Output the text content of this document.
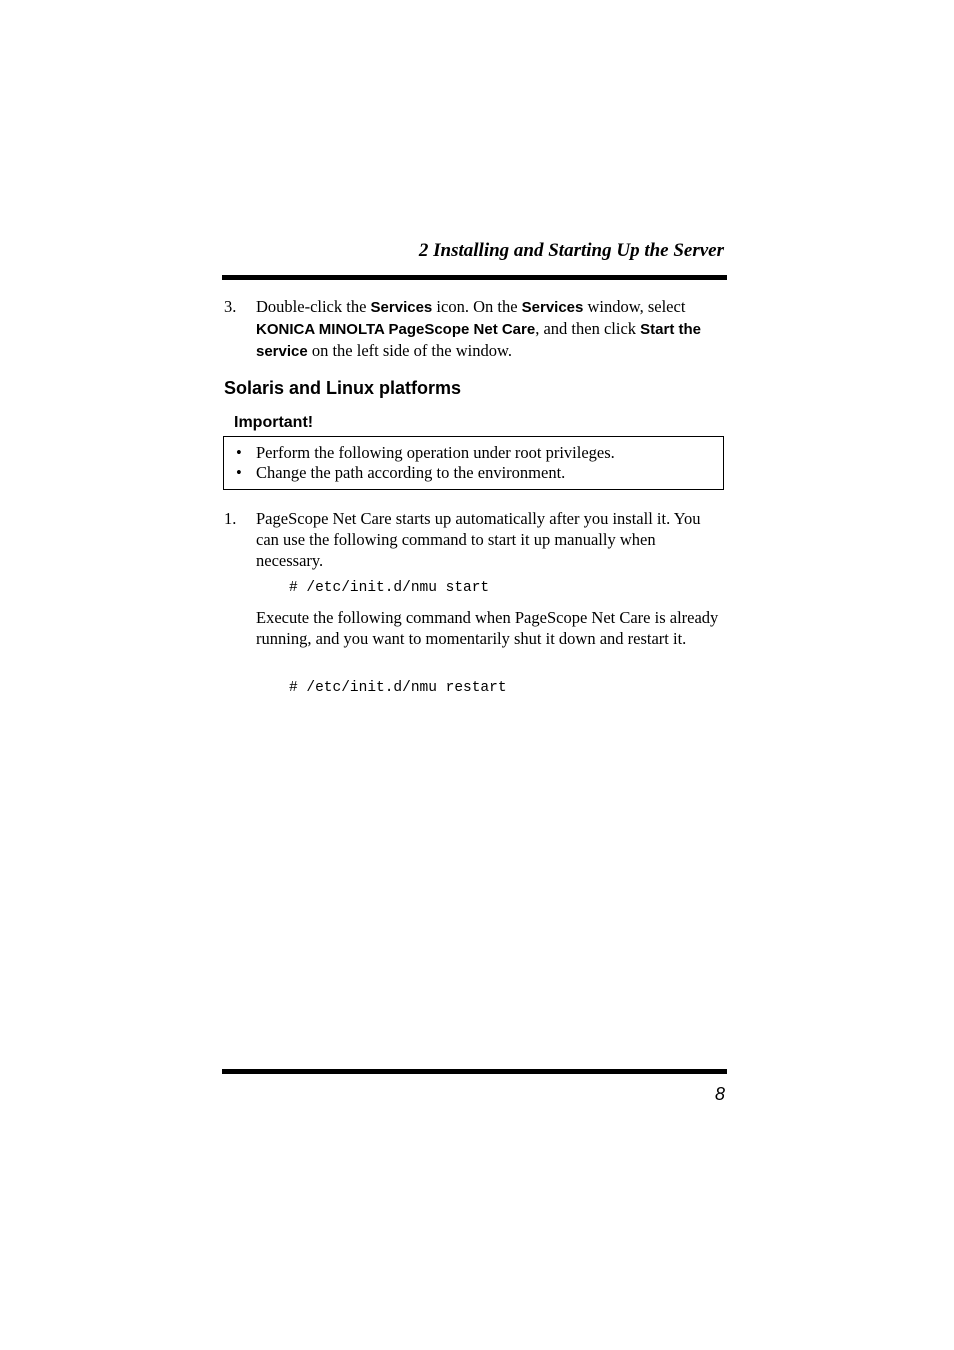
2 Installing and Starting Up the Server
3. Double-click the Services icon. On the Services window, select KONICA MINOLTA PageScope Net Care, and then click Start the service on the left side of the window.
Solaris and Linux platforms
Important!
• Perform the following operation under root privileges.
• Change the path according to the environment.
1. PageScope Net Care starts up automatically after you install it. You can use the following command to start it up manually when necessary.
# /etc/init.d/nmu start
Execute the following command when PageScope Net Care is already running, and you want to momentarily shut it down and restart it.
# /etc/init.d/nmu restart
8
